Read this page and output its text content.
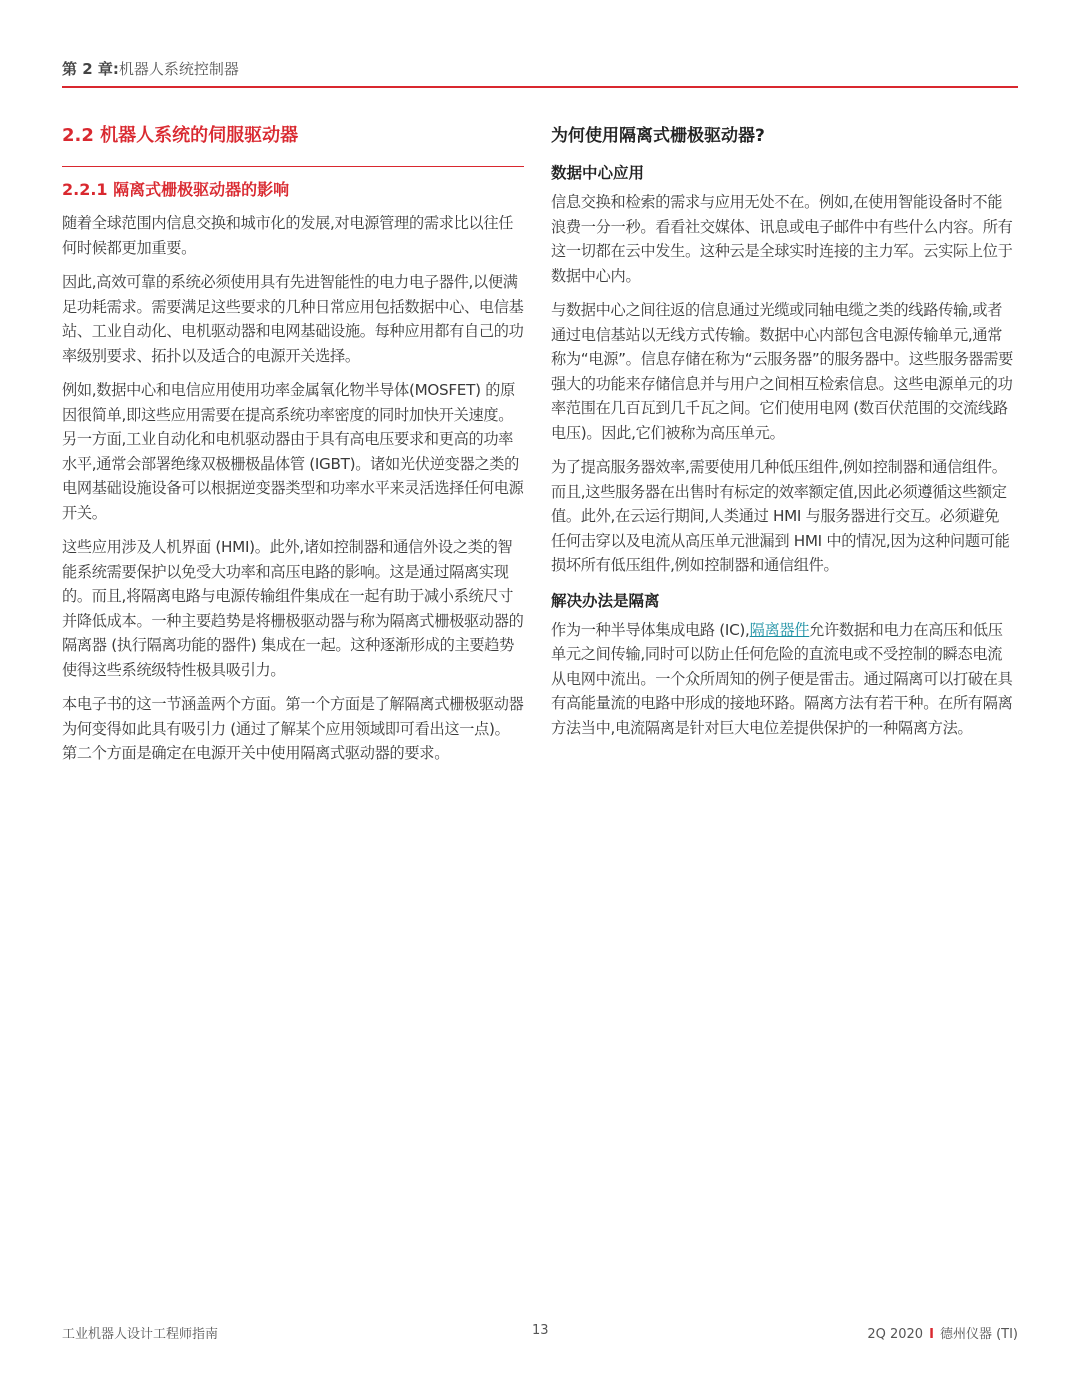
第 2 章:机器人系统控制器
2.2 机器人系统的伺服驱动器
2.2.1 隔离式栅极驱动器的影响

随着全球范围内信息交换和城市化的发展,对电源管理的需求比以往任何时候都更加重要。

因此,高效可靠的系统必须使用具有先进智能性的电力电子器件,以便满足功耗需求。需要满足这些要求的几种日常应用包括数据中心、电信基站、工业自动化、电机驱动器和电网基础设施。每种应用都有自己的功率级别要求、拓扑以及适合的电源开关选择。

例如,数据中心和电信应用使用功率金属氧化物半导体(MOSFET) 的原因很简单,即这些应用需要在提高系统功率密度的同时加快开关速度。另一方面,工业自动化和电机驱动器由于具有高电压要求和更高的功率水平,通常会部署绝缘双极栅极晶体管 (IGBT)。诸如光伏逆变器之类的电网基础设施设备可以根据逆变器类型和功率水平来灵活选择任何电源开关。

这些应用涉及人机界面 (HMI)。此外,诸如控制器和通信外设之类的智能系统需要保护以免受大功率和高压电路的影响。这是通过隔离实现的。而且,将隔离电路与电源传输组件集成在一起有助于减小系统尺寸并降低成本。一种主要趋势是将栅极驱动器与称为隔离式栅极驱动器的隔离器 (执行隔离功能的器件) 集成在一起。这种逐渐形成的主要趋势使得这些系统级特性极具吸引力。

本电子书的这一节涵盖两个方面。第一个方面是了解隔离式栅极驱动器为何变得如此具有吸引力 (通过了解某个应用领域即可看出这一点)。第二个方面是确定在电源开关中使用隔离式驱动器的要求。

为何使用隔离式栅极驱动器?
数据中心应用

信息交换和检索的需求与应用无处不在。例如,在使用智能设备时不能浪费一分一秒。看看社交媒体、讯息或电子邮件中有些什么内容。所有这一切都在云中发生。这种云是全球实时连接的主力军。云实际上位于数据中心内。

与数据中心之间往返的信息通过光缆或同轴电缆之类的线路传输,或者通过电信基站以无线方式传输。数据中心内部包含电源传输单元,通常称为“电源”。信息存储在称为“云服务器”的服务器中。这些服务器需要强大的功能来存储信息并与用户之间相互检索信息。这些电源单元的功率范围在几百瓦到几千瓦之间。它们使用电网 (数百伏范围的交流线路电压)。因此,它们被称为高压单元。

为了提高服务器效率,需要使用几种低压组件,例如控制器和通信组件。而且,这些服务器在出售时有标定的效率额定值,因此必须遵循这些额定值。此外,在云运行期间,人类通过 HMI 与服务器进行交互。必须避免任何击穿以及电流从高压单元泄漏到 HMI 中的情况,因为这种问题可能损坏所有低压组件,例如控制器和通信组件。

解决办法是隔离

作为一种半导体集成电路 (IC),隔离器件允许数据和电力在高压和低压单元之间传输,同时可以防止任何危险的直流电或不受控制的瞬态电流从电网中流出。一个众所周知的例子便是雷击。通过隔离可以打破在具有高能量流的电路中形成的接地环路。隔离方法有若干种。在所有隔离方法当中,电流隔离是针对巨大电位差提供保护的一种隔离方法。

工业机器人设计工程师指南	13	2Q 2020 I 德州仪器 (TI)
